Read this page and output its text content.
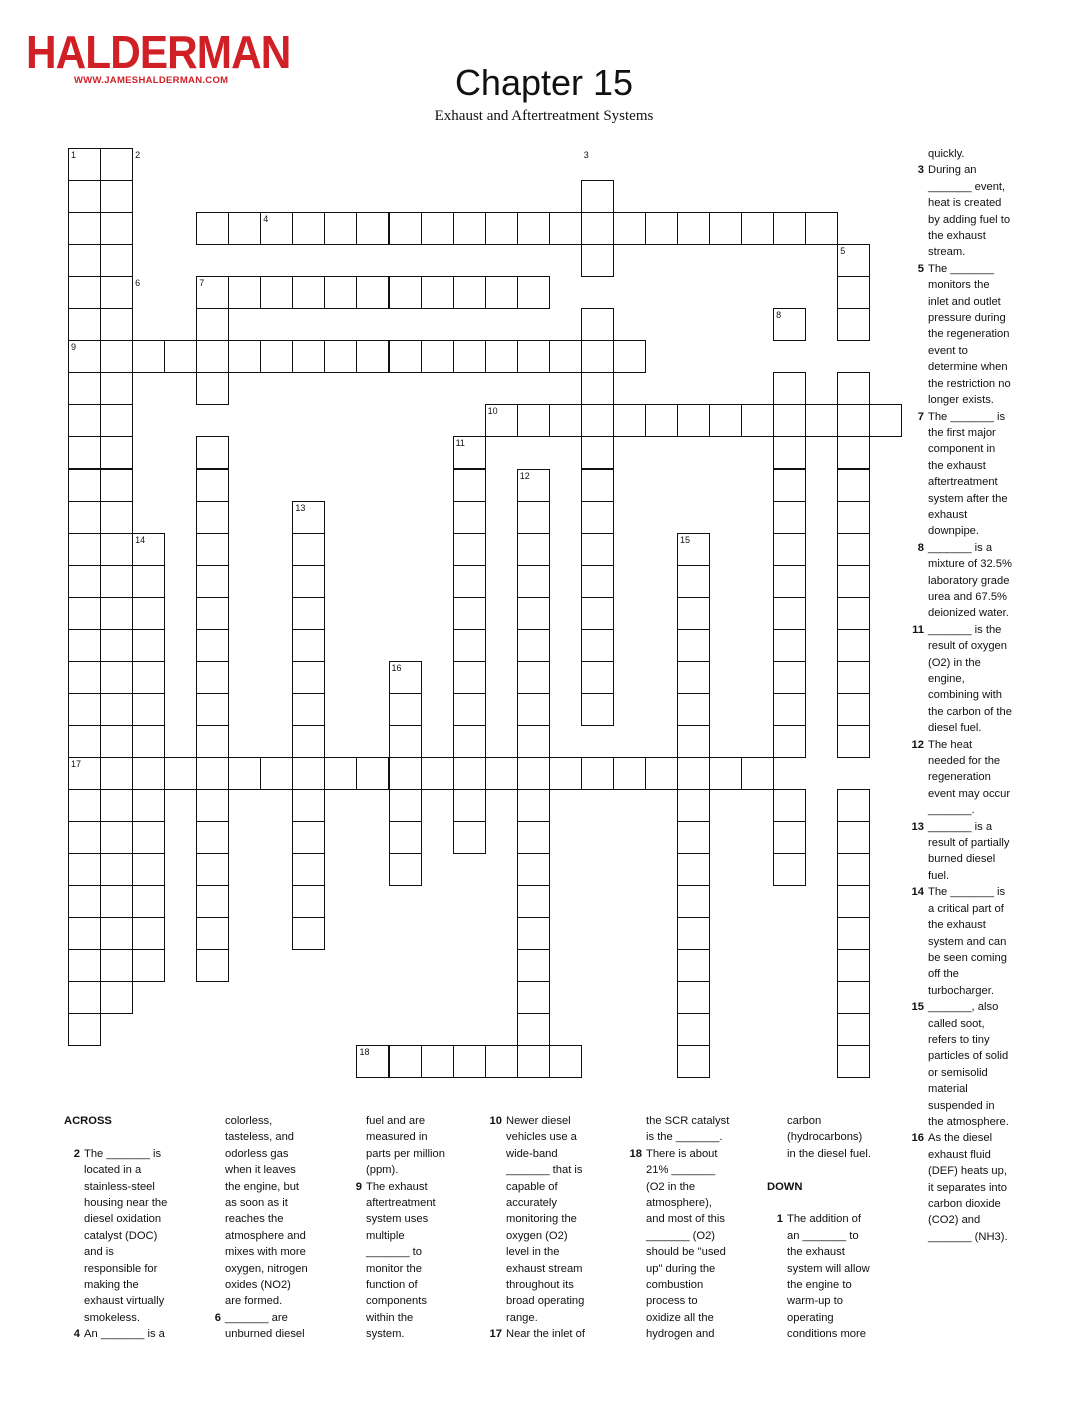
HALDERMAN
WWW.JAMESHALDERMAN.COM	Chapter 15
Exhaust and Aftertreatment Systems
1	2	3
4
5
6	7
8
9
10
11
12
13
14	15
16
17
18
ACROSS
2 The _______ is
located in a
stainless-steel
housing near the
diesel oxidation
catalyst (DOC)
and is
responsible for
making the
exhaust virtually
smokeless.
4 An _______ is a
colorless,
tasteless, and
odorless gas
when it leaves
the engine, but
as soon as it
reaches the
atmosphere and
mixes with more
oxygen, nitrogen
oxides (NO2)
are formed.
6 _______ are
unburned diesel
fuel and are
measured in
parts per million
(ppm).
9 The exhaust
aftertreatment
system uses
multiple
_______ to
monitor the
function of
components
within the
system.
10 Newer diesel
vehicles use a
wide-band
_______ that is
capable of
accurately
monitoring the
oxygen (O2)
level in the
exhaust stream
throughout its
broad operating
range.
17 Near the inlet of
the SCR catalyst
is the _______.
18 There is about
21% _______
(O2 in the
atmosphere),
and most of this
_______ (O2)
should be "used
up" during the
combustion
process to
oxidize all the
hydrogen and
carbon
(hydrocarbons)
in the diesel fuel.
DOWN
1 The addition of
an _______ to
the exhaust
system will allow
the engine to
warm-up to
operating
conditions more
quickly.
3 During an
_______ event,
heat is created
by adding fuel to
the exhaust
stream.
5 The _______
monitors the
inlet and outlet
pressure during
the regeneration
event to
determine when
the restriction no
longer exists.
7 The _______ is
the first major
component in
the exhaust
aftertreatment
system after the
exhaust
downpipe.
8 _______ is a
mixture of 32.5%
laboratory grade
urea and 67.5%
deionized water.
11 _______ is the
result of oxygen
(O2) in the
engine,
combining with
the carbon of the
diesel fuel.
12 The heat
needed for the
regeneration
event may occur
_______.
13 _______ is a
result of partially
burned diesel
fuel.
14 The _______ is
a critical part of
the exhaust
system and can
be seen coming
off the
turbocharger.
15 _______, also
called soot,
refers to tiny
particles of solid
or semisolid
material
suspended in
the atmosphere.
16 As the diesel
exhaust fluid
(DEF) heats up,
it separates into
carbon dioxide
(CO2) and
_______ (NH3).
